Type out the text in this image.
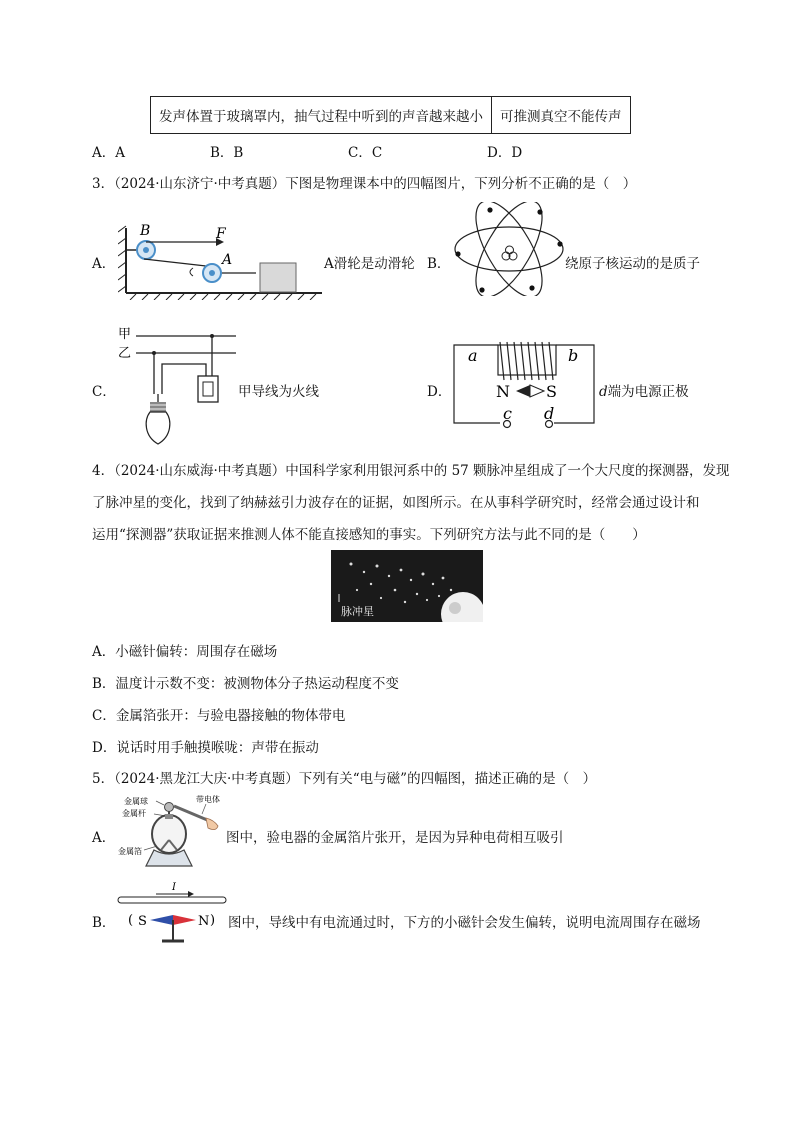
发声体置于玻璃罩内，抽气过程中听到的声音越来越小	可推测真空不能传声
A．A	B．B	C．C	D．D
3．（2024·山东济宁·中考真题）下图是物理课本中的四幅图片，下列分析不正确的是（　）
A．
B	F
A	A滑轮是动滑轮 B．	绕原子核运动的是质子
C．
甲
乙
甲导线为火线	D．
a	b
N S
c d
d端为电源正极
4．（2024·山东威海·中考真题）中国科学家利用银河系中的 57 颗脉冲星组成了一个大尺度的探测器，发现
了脉冲星的变化，找到了纳赫兹引力波存在的证据，如图所示。在从事科学研究时，经常会通过设计和
运用“探测器”获取证据来推测人体不能直接感知的事实。下列研究方法与此不同的是（　　）
脉冲星
A．小磁针偏转：周围存在磁场
B．温度计示数不变：被测物体分子热运动程度不变
C．金属箔张开：与验电器接触的物体带电
D．说话时用手触摸喉咙：声带在振动
5．（2024·黑龙江大庆·中考真题）下列有关“电与磁”的四幅图，描述正确的是（　）
A．
金属球
金属杆
带电体
金属箔
图中，验电器的金属箔片张开，是因为异种电荷相互吸引
B．
I
( S	N ) 图中，导线中有电流通过时，下方的小磁针会发生偏转，说明电流周围存在磁场
